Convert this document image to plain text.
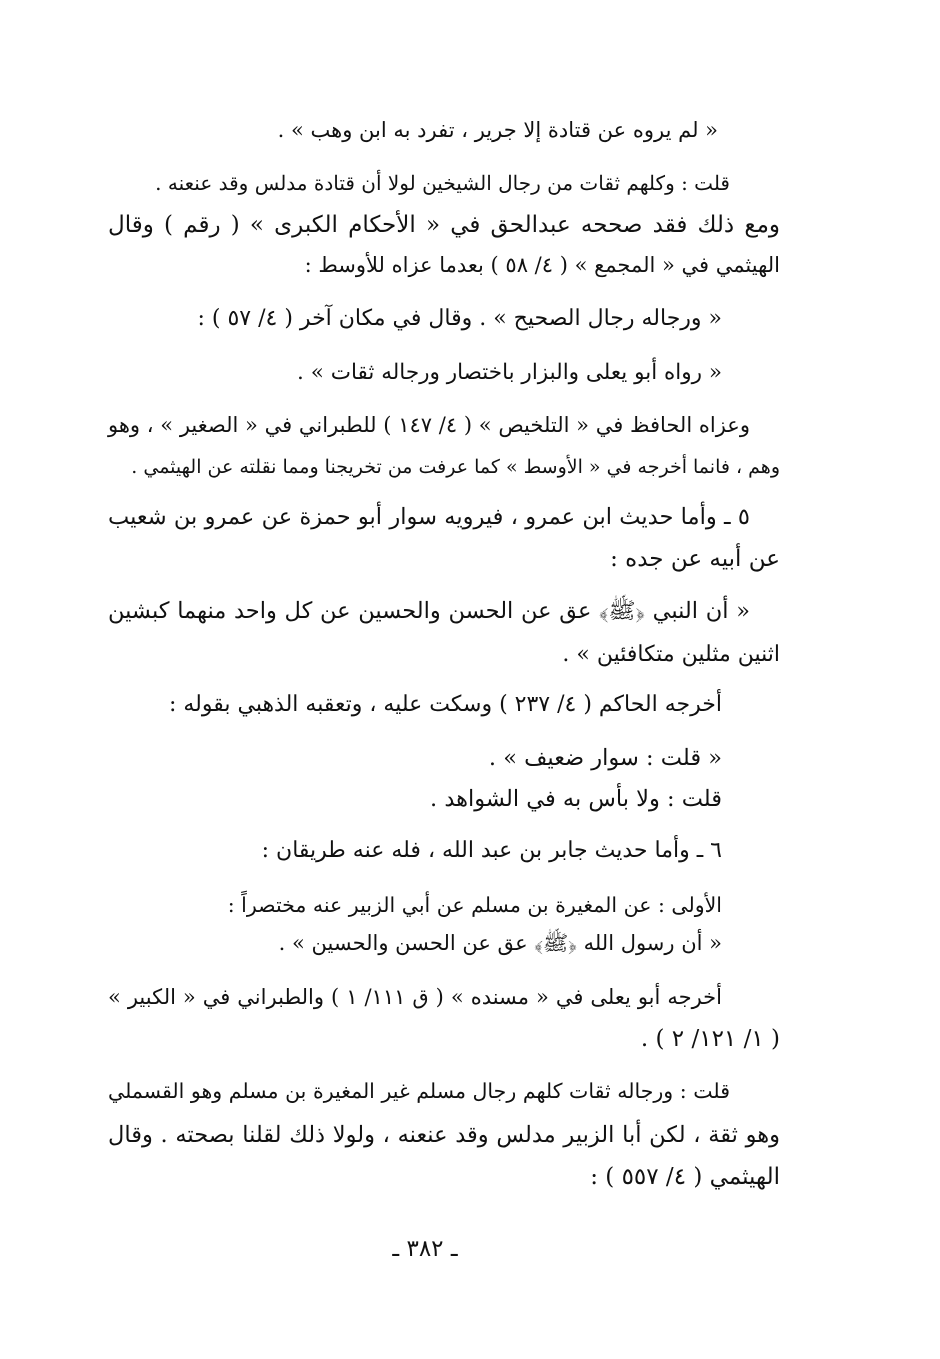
« لم يروه عن قتادة إلا جرير ، تفرد به ابن وهب » .
قلت : وكلهم ثقات من رجال الشيخين لولا أن قتادة مدلس وقد عنعنه .
ومع ذلك فقد صححه عبدالحق في « الأحكام الكبرى » ( رقم ) وقال
الهيثمي في « المجمع » ( ٤/ ٥٨ ) بعدما عزاه للأوسط :
« ورجاله رجال الصحيح » . وقال في مكان آخر ( ٤/ ٥٧ ) :
« رواه أبو يعلى والبزار باختصار ورجاله ثقات » .
وعزاه الحافظ في « التلخيص » ( ٤/ ١٤٧ ) للطبراني في « الصغير » ، وهو
وهم ، فانما أخرجه في « الأوسط » كما عرفت من تخريجنا ومما نقلته عن الهيثمي .
٥ ـ وأما حديث ابن عمرو ، فيرويه سوار أبو حمزة عن عمرو بن شعيب
عن أبيه عن جده :
« أن النبي ﴿ﷺ﴾ عق عن الحسن والحسين عن كل واحد منهما كبشين
اثنين مثلين متكافئين » .
أخرجه الحاكم ( ٤/ ٢٣٧ ) وسكت عليه ، وتعقبه الذهبي بقوله :
« قلت : سوار ضعيف » .
قلت : ولا بأس به في الشواهد .
٦ ـ وأما حديث جابر بن عبد الله ، فله عنه طريقان :
الأولى : عن المغيرة بن مسلم عن أبي الزبير عنه مختصراً :
« أن رسول الله ﴿ﷺ﴾ عق عن الحسن والحسين » .
أخرجه أبو يعلى في « مسنده » ( ق ١١١/ ١ ) والطبراني في « الكبير »
( ١/ ١٢١/ ٢ ) .
قلت : ورجاله ثقات كلهم رجال مسلم غير المغيرة بن مسلم وهو القسملي
وهو ثقة ، لكن أبا الزبير مدلس وقد عنعنه ، ولولا ذلك لقلنا بصحته . وقال
الهيثمي ( ٤/ ٥٥٧ ) :
ـ ٣٨٢ ـ
